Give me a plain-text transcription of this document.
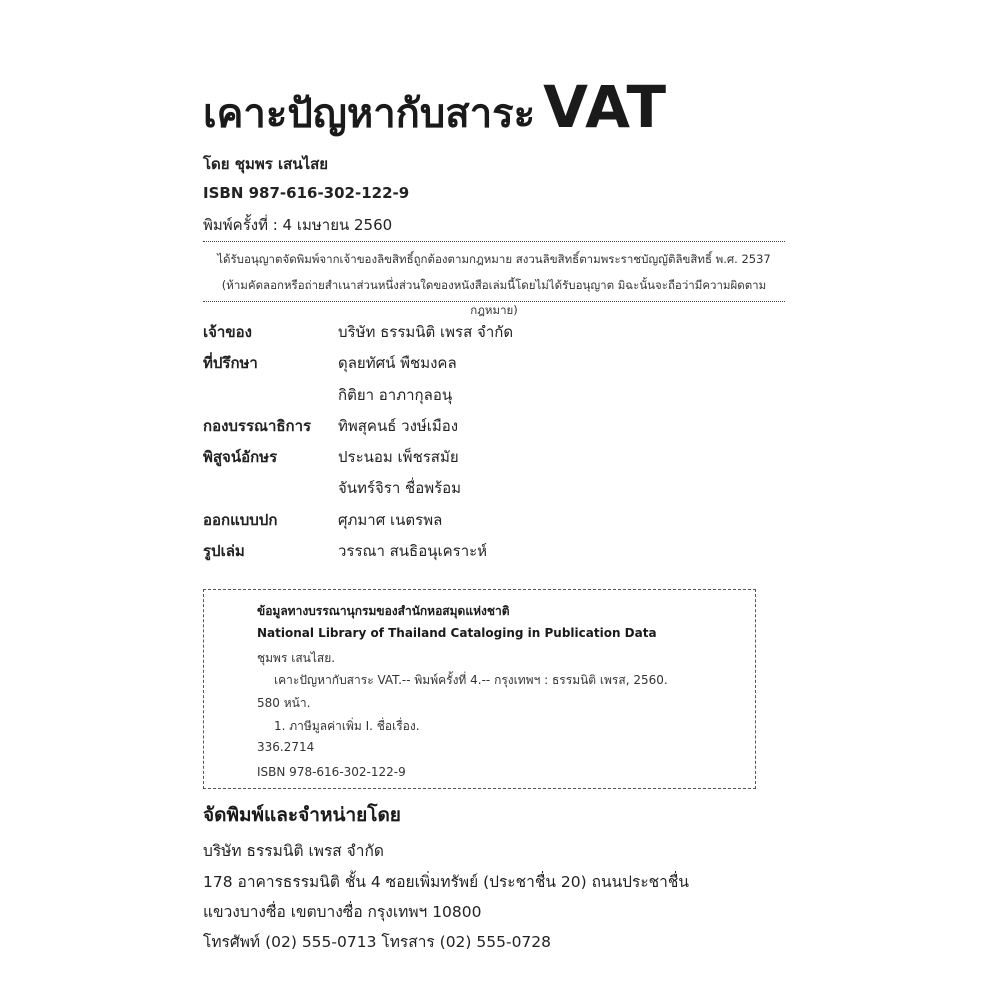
เคาะปัญหากับสาระ VAT
โดย ชุมพร เสนไสย
ISBN 987-616-302-122-9
พิมพ์ครั้งที่ : 4 เมษายน 2560
ได้รับอนุญาตจัดพิมพ์จากเจ้าของลิขสิทธิ์ถูกต้องตามกฎหมาย สงวนลิขสิทธิ์ตามพระราชบัญญัติลิขสิทธิ์ พ.ศ. 2537
(ห้ามคัดลอกหรือถ่ายสำเนาส่วนหนึ่งส่วนใดของหนังสือเล่มนี้โดยไม่ได้รับอนุญาต มิฉะนั้นจะถือว่ามีความผิดตามกฎหมาย)
เจ้าของ	บริษัท ธรรมนิติ เพรส จำกัด
ที่ปรึกษา	ดุลยทัศน์ พืชมงคล
กิติยา อาภากุลอนุ
กองบรรณาธิการ ทิพสุคนธ์ วงษ์เมือง
พิสูจน์อักษร	ประนอม เพ็ชรสมัย
จันทร์จิรา ชื่อพร้อม
ออกแบบปก	ศุภมาศ เนตรพล
รูปเล่ม	วรรณา สนธิอนุเคราะห์
ข้อมูลทางบรรณานุกรมของสำนักหอสมุดแห่งชาติ
National Library of Thailand Cataloging in Publication Data
ชุมพร เสนไสย.
เคาะปัญหากับสาระ VAT.-- พิมพ์ครั้งที่ 4.-- กรุงเทพฯ : ธรรมนิติ เพรส, 2560.
580 หน้า.
1. ภาษีมูลค่าเพิ่ม I. ชื่อเรื่อง.
336.2714
ISBN 978-616-302-122-9
จัดพิมพ์และจำหน่ายโดย
บริษัท ธรรมนิติ เพรส จำกัด
178 อาคารธรรมนิติ ชั้น 4 ซอยเพิ่มทรัพย์ (ประชาชื่น 20) ถนนประชาชื่น
แขวงบางซื่อ เขตบางซื่อ กรุงเทพฯ 10800
โทรศัพท์ (02) 555-0713 โทรสาร (02) 555-0728
